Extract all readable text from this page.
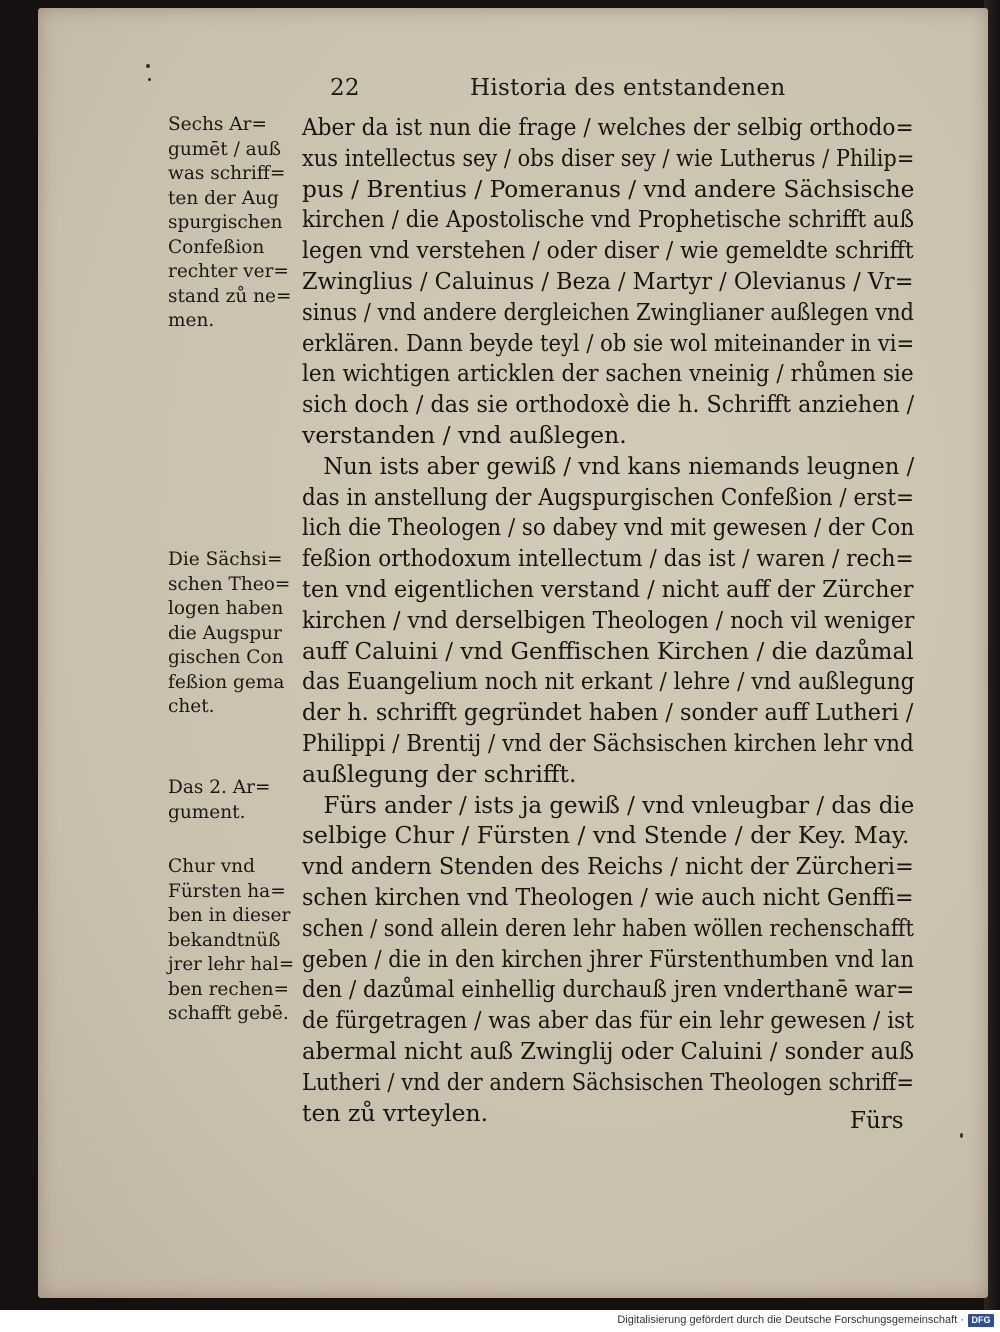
22	Historia des entstandenen
Sechs Ar=
gumēt / auß
was schriff=
ten der Aug
spurgischen
Confeßion
rechter ver=
stand zů ne=
men.
Die Sächsi=
schen Theo=
logen haben
die Augspur
gischen Con
feßion gema
chet.
Das 2. Ar=
gument.
Chur vnd
Fürsten ha=
ben in dieser
bekandtnüß
jrer lehr hal=
ben rechen=
schafft gebē.
Aber da ist nun die frage / welches der selbig orthodo=
xus intellectus sey / obs diser sey / wie Lutherus / Philip=
pus / Brentius / Pomeranus / vnd andere Sächsische
kirchen / die Apostolische vnd Prophetische schrifft auß
legen vnd verstehen / oder diser / wie gemeldte schrifft
Zwinglius / Caluinus / Beza / Martyr / Olevianus / Vr=
sinus / vnd andere dergleichen Zwinglianer außlegen vnd
erklären. Dann beyde teyl / ob sie wol miteinander in vi=
len wichtigen articklen der sachen vneinig / rhůmen sie
sich doch / das sie orthodoxè die h. Schrifft anziehen /
verstanden / vnd außlegen.
Nun ists aber gewiß / vnd kans niemands leugnen /
das in anstellung der Augspurgischen Confeßion / erst=
lich die Theologen / so dabey vnd mit gewesen / der Con
feßion orthodoxum intellectum / das ist / waren / rech=
ten vnd eigentlichen verstand / nicht auff der Zürcher
kirchen / vnd derselbigen Theologen / noch vil weniger
auff Caluini / vnd Genffischen Kirchen / die dazůmal
das Euangelium noch nit erkant / lehre / vnd außlegung
der h. schrifft gegründet haben / sonder auff Lutheri /
Philippi / Brentij / vnd der Sächsischen kirchen lehr vnd
außlegung der schrifft.
Fürs ander / ists ja gewiß / vnd vnleugbar / das die
selbige Chur / Fürsten / vnd Stende / der Key. May.
vnd andern Stenden des Reichs / nicht der Zürcheri=
schen kirchen vnd Theologen / wie auch nicht Genffi=
schen / sond allein deren lehr haben wöllen rechenschafft
geben / die in den kirchen jhrer Fürstenthumben vnd lan
den / dazůmal einhellig durchauß jren vnderthanē war=
de fürgetragen / was aber das für ein lehr gewesen / ist
abermal nicht auß Zwinglij oder Caluini / sonder auß
Lutheri / vnd der andern Sächsischen Theologen schriff=
ten zů vrteylen.	Fürs
Digitalisierung gefördert durch die Deutsche Forschungsgemeinschaft · DFG
